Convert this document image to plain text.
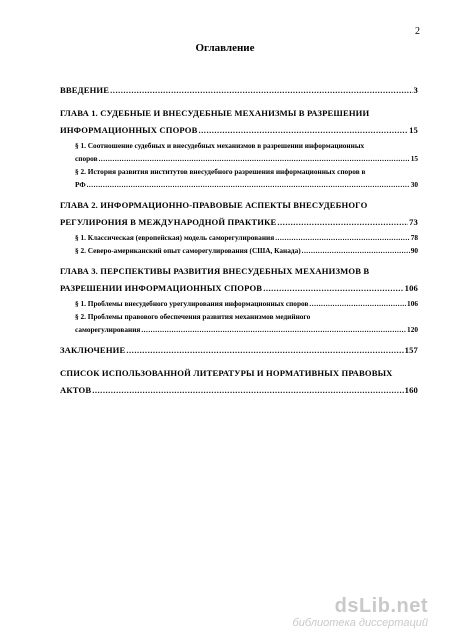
2
Оглавление
ВВЕДЕНИЕ .....	3
ГЛАВА 1. СУДЕБНЫЕ И ВНЕСУДЕБНЫЕ МЕХАНИЗМЫ В РАЗРЕШЕНИИ
ИНФОРМАЦИОННЫХ СПОРОВ .....	15
§ 1. Соотношение судебных и внесудебных механизмов в разрешении информационных
споров .....	15
§ 2. История развития институтов внесудебного разрешения информационных споров в
РФ .....	30
ГЛАВА 2. ИНФОРМАЦИОННО-ПРАВОВЫЕ АСПЕКТЫ ВНЕСУДЕБНОГО
РЕГУЛИРОНИЯ В МЕЖДУНАРОДНОЙ ПРАКТИКЕ .....	73
§ 1. Классическая (европейская) модель саморегулирования .....	78
§ 2. Северо-американский опыт саморегулирования (США, Канада) .....	90
ГЛАВА 3. ПЕРСПЕКТИВЫ РАЗВИТИЯ ВНЕСУДЕБНЫХ МЕХАНИЗМОВ В
РАЗРЕШЕНИИ ИНФОРМАЦИОННЫХ СПОРОВ .....	106
§ 1. Проблемы внесудебного урегулирования информационных споров .....	106
§ 2. Проблемы правового обеспечения развития механизмов медийного
саморегулирования .....	120
ЗАКЛЮЧЕНИЕ .....	157
СПИСОК ИСПОЛЬЗОВАННОЙ ЛИТЕРАТУРЫ И НОРМАТИВНЫХ ПРАВОВЫХ
АКТОВ .....	160
dsLib.net
библиотека диссертаций
